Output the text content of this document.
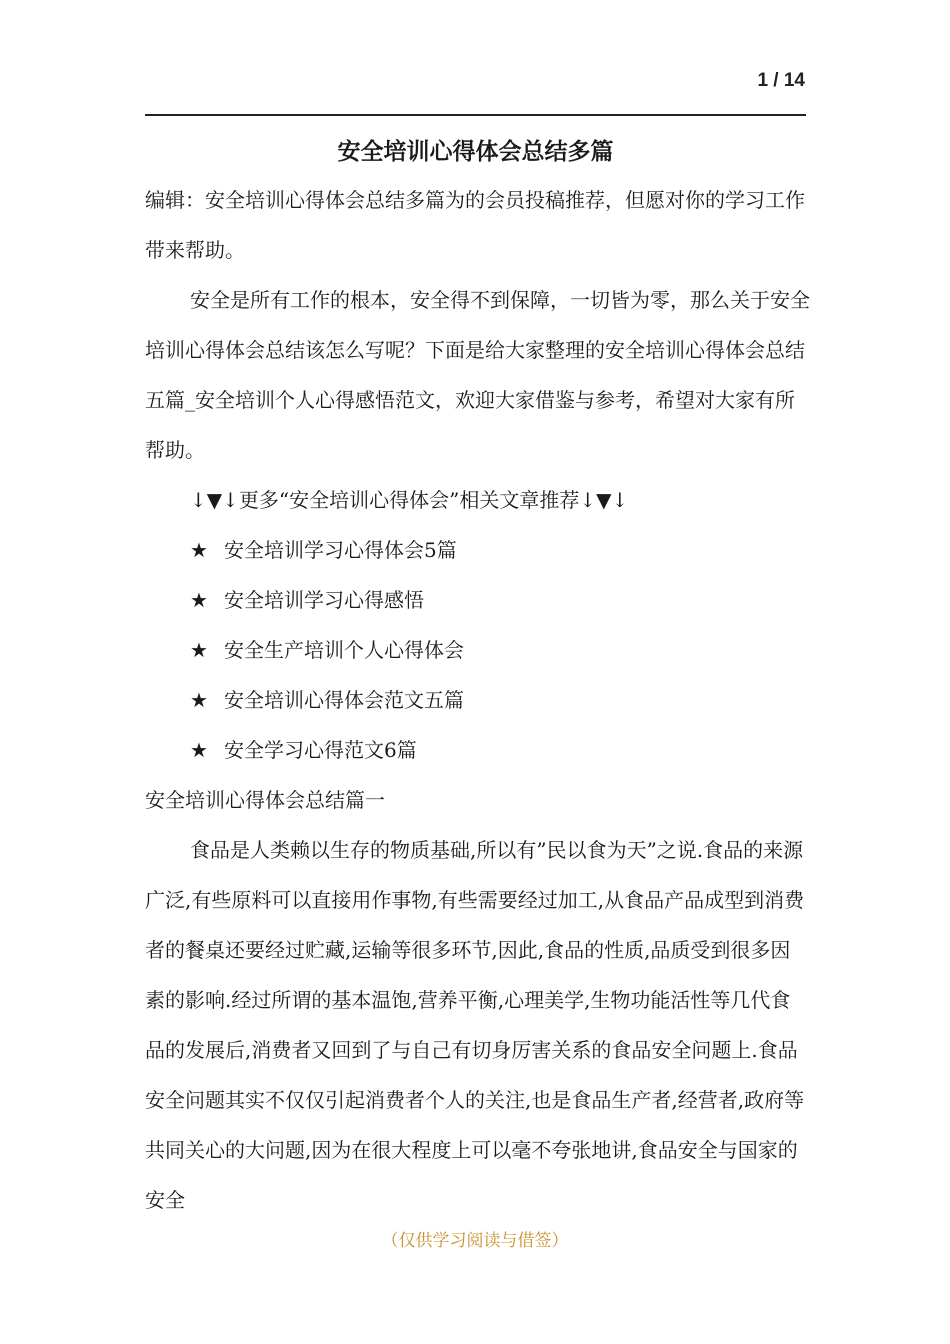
1 / 14
安全培训心得体会总结多篇

编辑：安全培训心得体会总结多篇为的会员投稿推荐，但愿对你的学习工作带来帮助。

安全是所有工作的根本，安全得不到保障，一切皆为零，那么关于安全培训心得体会总结该怎么写呢？下面是给大家整理的安全培训心得体会总结五篇_安全培训个人心得感悟范文，欢迎大家借鉴与参考，希望对大家有所帮助。

↓▼↓更多“安全培训心得体会”相关文章推荐↓▼↓

★ 安全培训学习心得体会5篇
★ 安全培训学习心得感悟
★ 安全生产培训个人心得体会
★ 安全培训心得体会范文五篇
★ 安全学习心得范文6篇

安全培训心得体会总结篇一

食品是人类赖以生存的物质基础,所以有”民以食为天”之说.食品的来源广泛,有些原料可以直接用作事物,有些需要经过加工,从食品产品成型到消费者的餐桌还要经过贮藏,运输等很多环节,因此,食品的性质,品质受到很多因素的影响.经过所谓的基本温饱,营养平衡,心理美学,生物功能活性等几代食品的发展后,消费者又回到了与自己有切身厉害关系的食品安全问题上.食品安全问题其实不仅仅引起消费者个人的关注,也是食品生产者,经营者,政府等共同关心的大问题,因为在很大程度上可以毫不夸张地讲,食品安全与国家的安全

（仅供学习阅读与借签）
